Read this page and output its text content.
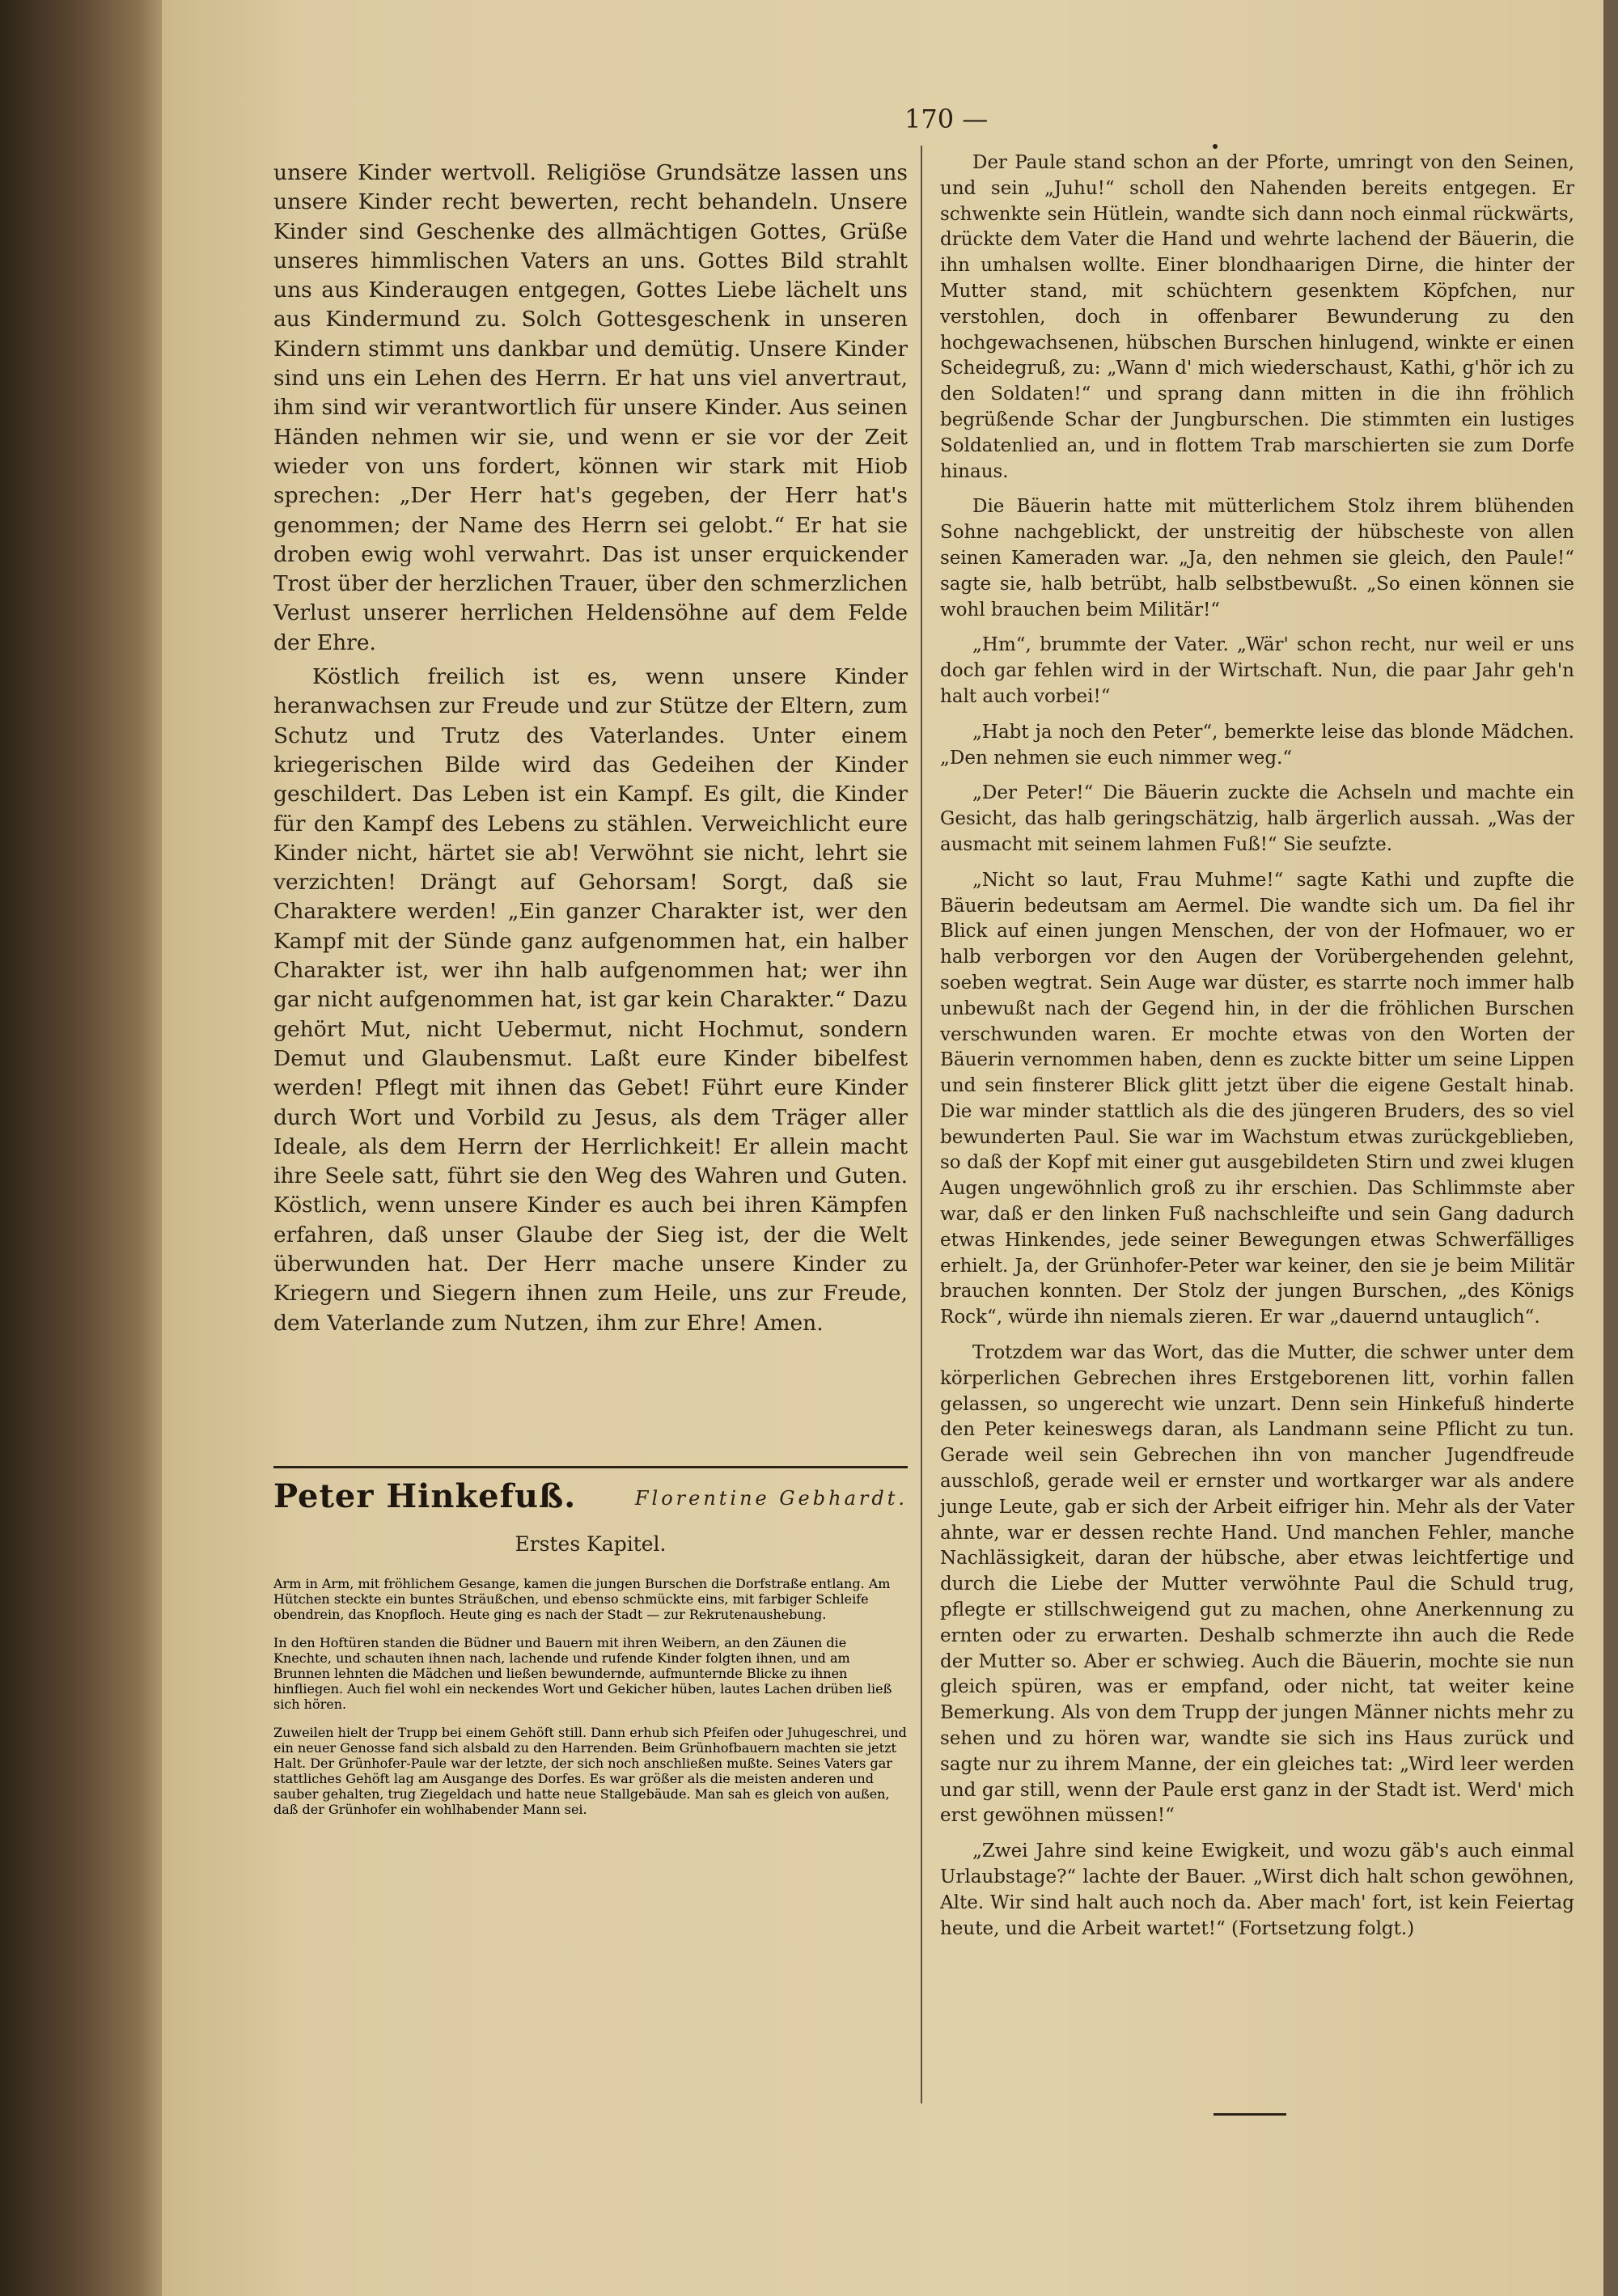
170 —

unsere Kinder wertvoll. Religiöse Grundsätze lassen uns unsere Kinder recht bewerten, recht behandeln. Unsere Kinder sind Geschenke des allmächtigen Gottes, Grüße unseres himmlischen Vaters an uns. Gottes Bild strahlt uns aus Kinderaugen entgegen, Gottes Liebe lächelt uns aus Kindermund zu. Solch Gottesgeschenk in unseren Kindern stimmt uns dankbar und demütig. Unsere Kinder sind uns ein Lehen des Herrn. Er hat uns viel anvertraut, ihm sind wir verantwortlich für unsere Kinder. Aus seinen Händen nehmen wir sie, und wenn er sie vor der Zeit wieder von uns fordert, können wir stark mit Hiob sprechen: „Der Herr hat's gegeben, der Herr hat's genommen; der Name des Herrn sei gelobt.“ Er hat sie droben ewig wohl verwahrt. Das ist unser erquickender Trost über der herzlichen Trauer, über den schmerzlichen Verlust unserer herrlichen Heldensöhne auf dem Felde der Ehre.

Köstlich freilich ist es, wenn unsere Kinder heranwachsen zur Freude und zur Stütze der Eltern, zum Schutz und Trutz des Vaterlandes. Unter einem kriegerischen Bilde wird das Gedeihen der Kinder geschildert. Das Leben ist ein Kampf. Es gilt, die Kinder für den Kampf des Lebens zu stählen. Verweichlicht eure Kinder nicht, härtet sie ab! Verwöhnt sie nicht, lehrt sie verzichten! Drängt auf Gehorsam! Sorgt, daß sie Charaktere werden! „Ein ganzer Charakter ist, wer den Kampf mit der Sünde ganz aufgenommen hat, ein halber Charakter ist, wer ihn halb aufgenommen hat; wer ihn gar nicht aufgenommen hat, ist gar kein Charakter.“ Dazu gehört Mut, nicht Uebermut, nicht Hochmut, sondern Demut und Glaubensmut. Laßt eure Kinder bibelfest werden! Pflegt mit ihnen das Gebet! Führt eure Kinder durch Wort und Vorbild zu Jesus, als dem Träger aller Ideale, als dem Herrn der Herrlichkeit! Er allein macht ihre Seele satt, führt sie den Weg des Wahren und Guten. Köstlich, wenn unsere Kinder es auch bei ihren Kämpfen erfahren, daß unser Glaube der Sieg ist, der die Welt überwunden hat. Der Herr mache unsere Kinder zu Kriegern und Siegern ihnen zum Heile, uns zur Freude, dem Vaterlande zum Nutzen, ihm zur Ehre! Amen.

Peter Hinkefuß.	Florentine Gebhardt.
Erstes Kapitel.

Arm in Arm, mit fröhlichem Gesange, kamen die jungen Burschen die Dorfstraße entlang. Am Hütchen steckte ein buntes Sträußchen, und ebenso schmückte eins, mit farbiger Schleife obendrein, das Knopfloch. Heute ging es nach der Stadt — zur Rekrutenaushebung.

In den Hoftüren standen die Büdner und Bauern mit ihren Weibern, an den Zäunen die Knechte, und schauten ihnen nach, lachende und rufende Kinder folgten ihnen, und am Brunnen lehnten die Mädchen und ließen bewundernde, aufmunternde Blicke zu ihnen hinfliegen. Auch fiel wohl ein neckendes Wort und Gekicher hüben, lautes Lachen drüben ließ sich hören.

Zuweilen hielt der Trupp bei einem Gehöft still. Dann erhub sich Pfeifen oder Juhugeschrei, und ein neuer Genosse fand sich alsbald zu den Harrenden. Beim Grünhofbauern machten sie jetzt Halt. Der Grünhofer-Paule war der letzte, der sich noch anschließen mußte. Seines Vaters gar stattliches Gehöft lag am Ausgange des Dorfes. Es war größer als die meisten anderen und sauber gehalten, trug Ziegeldach und hatte neue Stallgebäude. Man sah es gleich von außen, daß der Grünhofer ein wohlhabender Mann sei.

Der Paule stand schon an der Pforte, umringt von den Seinen, und sein „Juhu!“ scholl den Nahenden bereits entgegen. Er schwenkte sein Hütlein, wandte sich dann noch einmal rückwärts, drückte dem Vater die Hand und wehrte lachend der Bäuerin, die ihn umhalsen wollte. Einer blondhaarigen Dirne, die hinter der Mutter stand, mit schüchtern gesenktem Köpfchen, nur verstohlen, doch in offenbarer Bewunderung zu den hochgewachsenen, hübschen Burschen hinlugend, winkte er einen Scheidegruß, zu: „Wann d' mich wiederschaust, Kathi, g'hör ich zu den Soldaten!“ und sprang dann mitten in die ihn fröhlich begrüßende Schar der Jungburschen. Die stimmten ein lustiges Soldatenlied an, und in flottem Trab marschierten sie zum Dorfe hinaus.

Die Bäuerin hatte mit mütterlichem Stolz ihrem blühenden Sohne nachgeblickt, der unstreitig der hübscheste von allen seinen Kameraden war. „Ja, den nehmen sie gleich, den Paule!“ sagte sie, halb betrübt, halb selbstbewußt. „So einen können sie wohl brauchen beim Militär!“

„Hm“, brummte der Vater. „Wär' schon recht, nur weil er uns doch gar fehlen wird in der Wirtschaft. Nun, die paar Jahr geh'n halt auch vorbei!“

„Habt ja noch den Peter“, bemerkte leise das blonde Mädchen. „Den nehmen sie euch nimmer weg.“

„Der Peter!“ Die Bäuerin zuckte die Achseln und machte ein Gesicht, das halb geringschätzig, halb ärgerlich aussah. „Was der ausmacht mit seinem lahmen Fuß!“ Sie seufzte.

„Nicht so laut, Frau Muhme!“ sagte Kathi und zupfte die Bäuerin bedeutsam am Aermel. Die wandte sich um. Da fiel ihr Blick auf einen jungen Menschen, der von der Hofmauer, wo er halb verborgen vor den Augen der Vorübergehenden gelehnt, soeben wegtrat. Sein Auge war düster, es starrte noch immer halb unbewußt nach der Gegend hin, in der die fröhlichen Burschen verschwunden waren. Er mochte etwas von den Worten der Bäuerin vernommen haben, denn es zuckte bitter um seine Lippen und sein finsterer Blick glitt jetzt über die eigene Gestalt hinab. Die war minder stattlich als die des jüngeren Bruders, des so viel bewunderten Paul. Sie war im Wachstum etwas zurückgeblieben, so daß der Kopf mit einer gut ausgebildeten Stirn und zwei klugen Augen ungewöhnlich groß zu ihr erschien. Das Schlimmste aber war, daß er den linken Fuß nachschleifte und sein Gang dadurch etwas Hinkendes, jede seiner Bewegungen etwas Schwerfälliges erhielt. Ja, der Grünhofer-Peter war keiner, den sie je beim Militär brauchen konnten. Der Stolz der jungen Burschen, „des Königs Rock“, würde ihn niemals zieren. Er war „dauernd untauglich“.

Trotzdem war das Wort, das die Mutter, die schwer unter dem körperlichen Gebrechen ihres Erstgeborenen litt, vorhin fallen gelassen, so ungerecht wie unzart. Denn sein Hinkefuß hinderte den Peter keineswegs daran, als Landmann seine Pflicht zu tun. Gerade weil sein Gebrechen ihn von mancher Jugendfreude ausschloß, gerade weil er ernster und wortkarger war als andere junge Leute, gab er sich der Arbeit eifriger hin. Mehr als der Vater ahnte, war er dessen rechte Hand. Und manchen Fehler, manche Nachlässigkeit, daran der hübsche, aber etwas leichtfertige und durch die Liebe der Mutter verwöhnte Paul die Schuld trug, pflegte er stillschweigend gut zu machen, ohne Anerkennung zu ernten oder zu erwarten. Deshalb schmerzte ihn auch die Rede der Mutter so. Aber er schwieg. Auch die Bäuerin, mochte sie nun gleich spüren, was er empfand, oder nicht, tat weiter keine Bemerkung. Als von dem Trupp der jungen Männer nichts mehr zu sehen und zu hören war, wandte sie sich ins Haus zurück und sagte nur zu ihrem Manne, der ein gleiches tat: „Wird leer werden und gar still, wenn der Paule erst ganz in der Stadt ist. Werd' mich erst gewöhnen müssen!“

„Zwei Jahre sind keine Ewigkeit, und wozu gäb's auch einmal Urlaubstage?“ lachte der Bauer. „Wirst dich halt schon gewöhnen, Alte. Wir sind halt auch noch da. Aber mach' fort, ist kein Feiertag heute, und die Arbeit wartet!“ (Fortsetzung folgt.)
